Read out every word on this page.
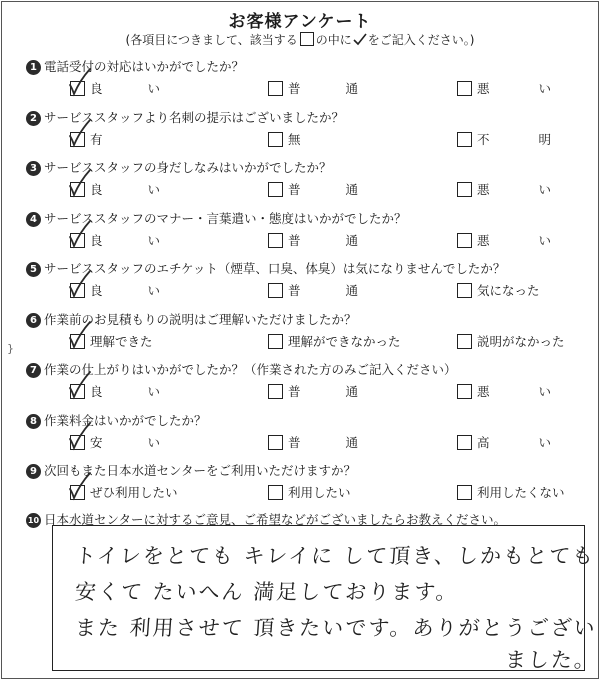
お客様アンケート
(各項目につきまして、該当する の中に をご記入ください。)
}
1 電話受付の対応はいかがでしたか？
良	い	普	通	悪	い
2 サービススタッフより名刺の提示はございましたか？
有	無	不	明
3 サービススタッフの身だしなみはいかがでしたか？
良	い	普	通	悪	い
4 サービススタッフのマナー・言葉遣い・態度はいかがでしたか？
良	い	普	通	悪	い
5 サービススタッフのエチケット（煙草、口臭、体臭）は気になりませんでしたか？
良	い	普	通	気になった
6 作業前のお見積もりの説明はご理解いただけましたか？
理解できた	理解ができなかった	説明がなかった
7 作業の仕上がりはいかがでしたか？（作業された方のみご記入ください）
良	い	普	通	悪	い
8 作業料金はいかがでしたか？
安	い	普	通	高	い
9 次回もまた日本水道センターをご利用いただけますか？
ぜひ利用したい	利用したい	利用したくない
10 日本水道センターに対するご意見、ご希望などがございましたらお教えください。
トイレをとても キレイに して頂き、しかもとても
安くて たいへん 満足しております。
また 利用させて 頂きたいです。ありがとうござい
ました。
